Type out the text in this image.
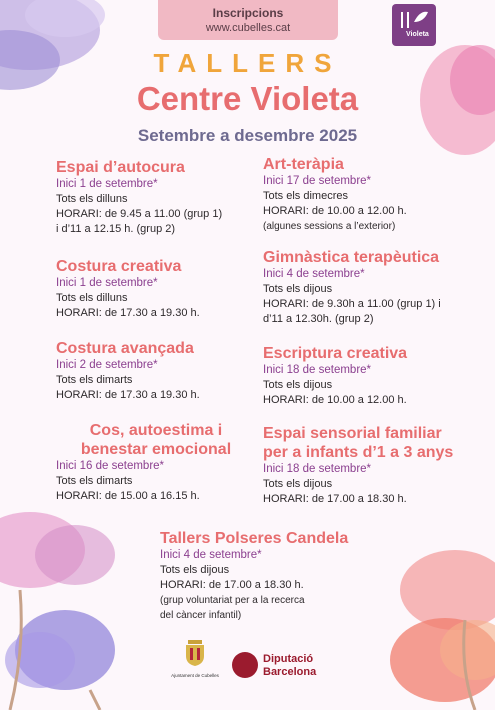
Inscripcions
www.cubelles.cat
Violeta
TALLERS
Centre Violeta
Setembre a desembre 2025
Espai d’autocura
Inici 1 de setembre*
Tots els dilluns
HORARI: de 9.45 a 11.00 (grup 1)
i d’11 a 12.15 h. (grup 2)
Costura creativa
Inici 1 de setembre*
Tots els dilluns
HORARI: de 17.30 a 19.30 h.
Costura avançada
Inici 2 de setembre*
Tots els dimarts
HORARI: de 17.30 a 19.30 h.
Cos, autoestima i
benestar emocional
Inici 16 de setembre*
Tots els dimarts
HORARI: de 15.00 a 16.15 h.
Art-teràpia
Inici 17 de setembre*
Tots els dimecres
HORARI: de 10.00 a 12.00 h.
(algunes sessions a l’exterior)
Gimnàstica terapèutica
Inici 4 de setembre*
Tots els dijous
HORARI: de 9.30h a 11.00 (grup 1) i
d’11 a 12.30h. (grup 2)
Escriptura creativa
Inici 18 de setembre*
Tots els dijous
HORARI: de 10.00 a 12.00 h.
Espai sensorial familiar
per a infants d’1 a 3 anys
Inici 18 de setembre*
Tots els dijous
HORARI: de 17.00 a 18.30 h.
Tallers Polseres Candela
Inici 4 de setembre*
Tots els dijous
HORARI: de 17.00 a 18.30 h.
(grup voluntariat per a la recerca
del càncer infantil)
Ajuntament de Cubelles
Diputació
Barcelona
